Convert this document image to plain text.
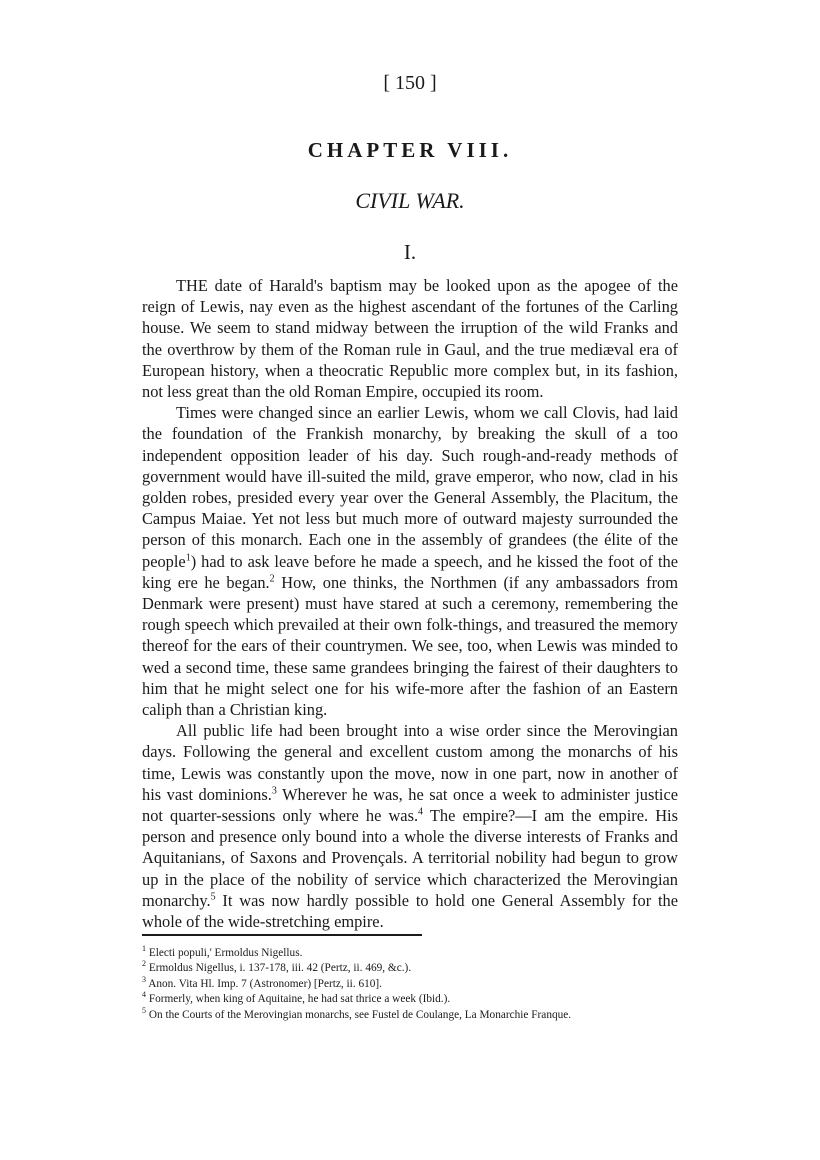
[ 150 ]
CHAPTER VIII.
CIVIL WAR.
I.

THE date of Harald's baptism may be looked upon as the apogee of the reign of Lewis, nay even as the highest ascendant of the fortunes of the Carling house. We seem to stand midway between the irruption of the wild Franks and the overthrow by them of the Roman rule in Gaul, and the true mediæval era of European history, when a theocratic Republic more complex but, in its fashion, not less great than the old Roman Empire, occupied its room.

Times were changed since an earlier Lewis, whom we call Clovis, had laid the foundation of the Frankish monarchy, by breaking the skull of a too independent opposition leader of his day. Such rough-and-ready methods of government would have ill-suited the mild, grave emperor, who now, clad in his golden robes, presided every year over the General Assembly, the Placitum, the Campus Maiae. Yet not less but much more of outward majesty surrounded the person of this monarch. Each one in the assembly of grandees (the élite of the people$^1$) had to ask leave before he made a speech, and he kissed the foot of the king ere he began.$^2$ How, one thinks, the Northmen (if any ambassadors from Denmark were present) must have stared at such a ceremony, remembering the rough speech which prevailed at their own folk-things, and treasured the memory thereof for the ears of their countrymen. We see, too, when Lewis was minded to wed a second time, these same grandees bringing the fairest of their daughters to him that he might select one for his wife-more after the fashion of an Eastern caliph than a Christian king.

All public life had been brought into a wise order since the Merovingian days. Following the general and excellent custom among the monarchs of his time, Lewis was constantly upon the move, now in one part, now in another of his vast dominions.$^3$ Wherever he was, he sat once a week to administer justice not quarter-sessions only where he was.$^4$ The empire?—I am the empire. His person and presence only bound into a whole the diverse interests of Franks and Aquitanians, of Saxons and Provençals. A territorial nobility had begun to grow up in the place of the nobility of service which characterized the Merovingian monarchy.$^5$ It was now hardly possible to hold one General Assembly for the whole of the wide-stretching empire.

$^1$ Electi populi,' Ermoldus Nigellus.
$^2$ Ermoldus Nigellus, i. 137-178, iii. 42 (Pertz, ii. 469, &c.).
$^3$ Anon. Vita Hl. Imp. 7 (Astronomer) [Pertz, ii. 610].
$^4$ Formerly, when king of Aquitaine, he had sat thrice a week (Ibid.).
$^5$ On the Courts of the Merovingian monarchs, see Fustel de Coulange, La Monarchie Franque.
